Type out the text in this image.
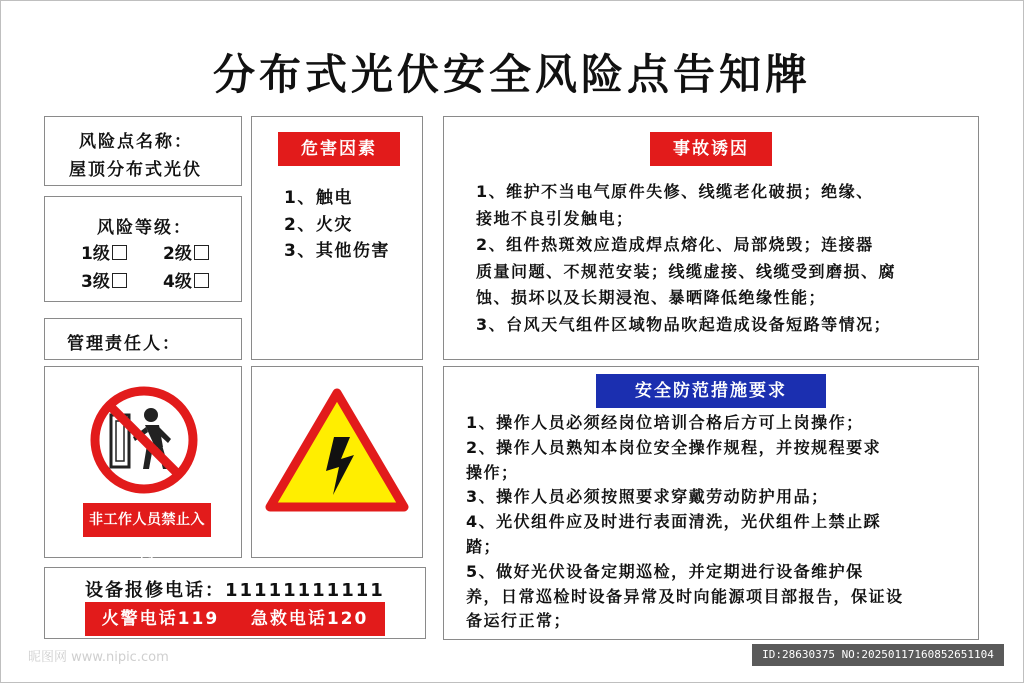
分布式光伏安全风险点告知牌
风险点名称：
屋顶分布式光伏
风险等级：
1级	2级
3级	4级
管理责任人：
危害因素
1、触电
2、火灾
3、其他伤害
事故诱因
1、维护不当电气原件失修、线缆老化破损；绝缘、
接地不良引发触电；
2、组件热斑效应造成焊点熔化、局部烧毁；连接器
质量问题、不规范安装；线缆虚接、线缆受到磨损、腐
蚀、损坏以及长期浸泡、暴晒降低绝缘性能；
3、台风天气组件区域物品吹起造成设备短路等情况；
非工作人员禁止入内
安全防范措施要求
1、操作人员必须经岗位培训合格后方可上岗操作；
2、操作人员熟知本岗位安全操作规程，并按规程要求
操作；
3、操作人员必须按照要求穿戴劳动防护用品；
4、光伏组件应及时进行表面清洗，光伏组件上禁止踩
踏；
5、做好光伏设备定期巡检，并定期进行设备维护保
养，日常巡检时设备异常及时向能源项目部报告，保证设
备运行正常；
设备报修电话：11111111111
火警电话119    急救电话120
昵图网 www.nipic.com	ID:28630375 NO:20250117160852651104
